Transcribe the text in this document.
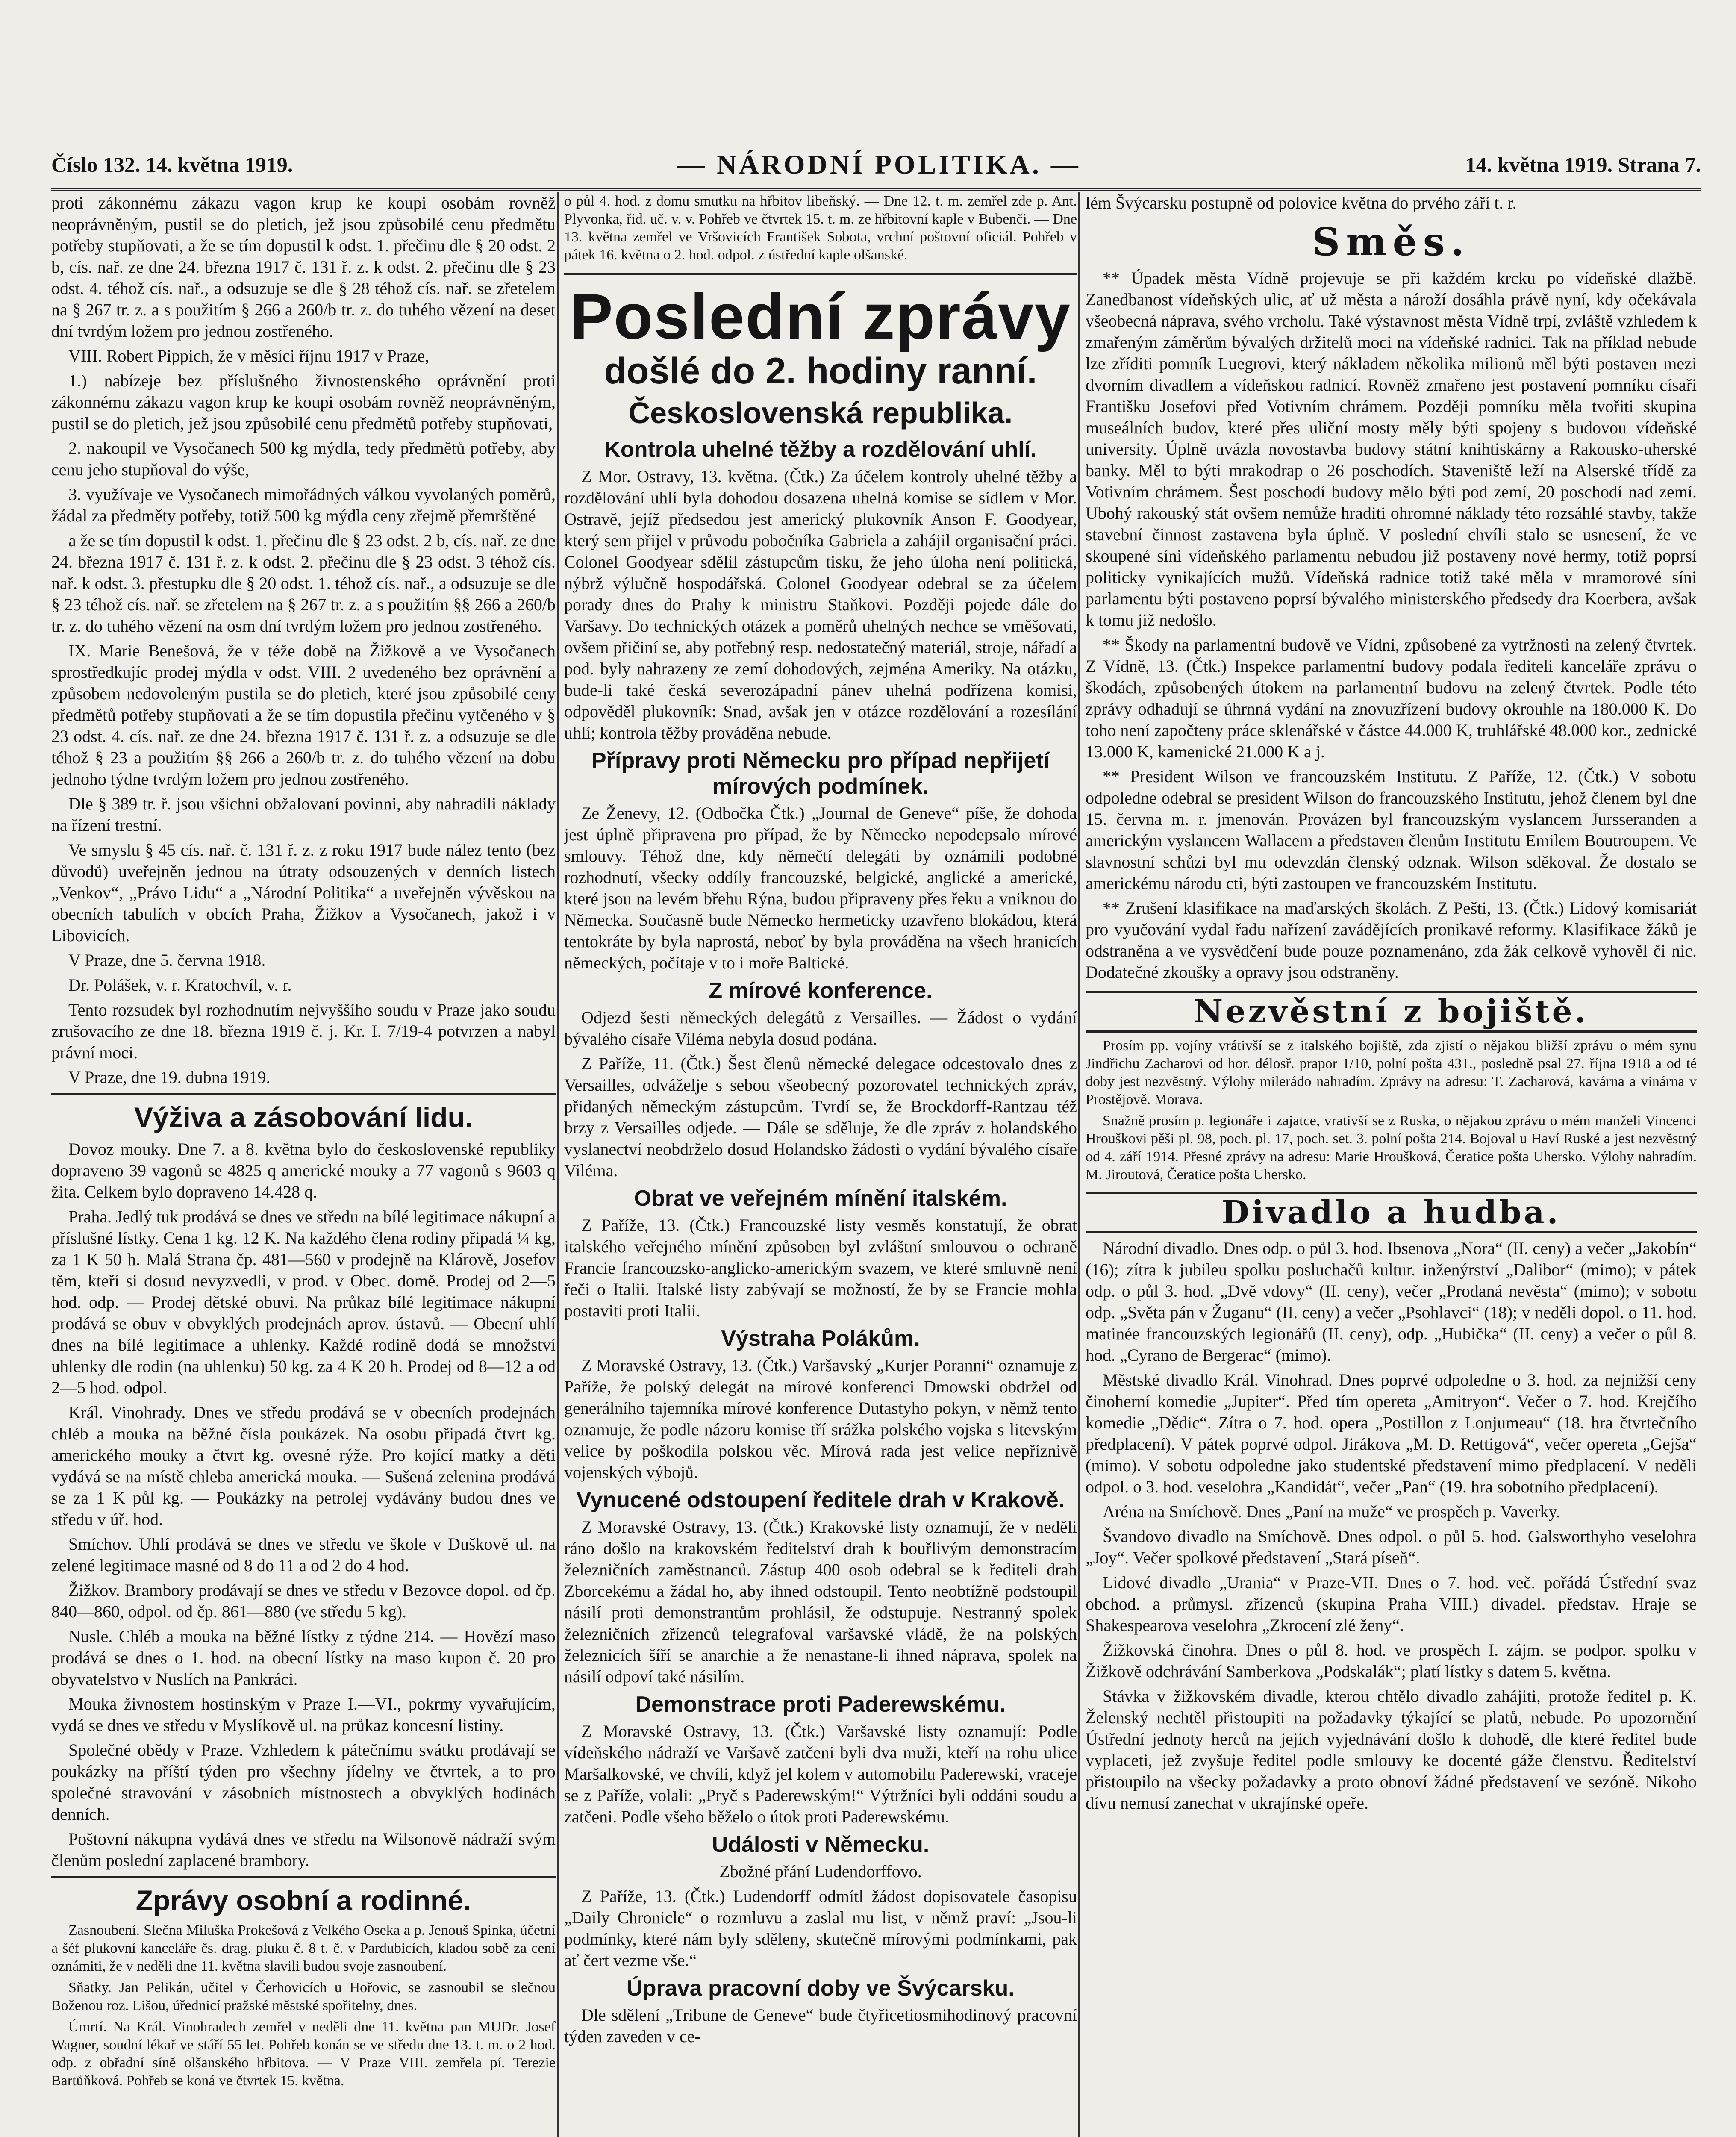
Číslo 132. 14. května 1919.	— NÁRODNÍ POLITIKA. —	14. května 1919. Strana 7.

proti zákonnému zákazu vagon krup ke koupi osobám rovněž neoprávněným, pustil se do pletich, jež jsou způsobilé cenu předmětu potřeby stupňovati, a že se tím dopustil k odst. 1. přečinu dle § 20 odst. 2 b, cís. nař. ze dne 24. března 1917 č. 131 ř. z. k odst. 2. přečinu dle § 23 odst. 4. téhož cís. nař., a odsuzuje se dle § 28 téhož cís. nař. se zřetelem na § 267 tr. z. a s použitím § 266 a 260/b tr. z. do tuhého vězení na deset dní tvrdým ložem pro jednou zostřeného.

VIII. Robert Pippich, že v měsíci říjnu 1917 v Praze,

1.) nabízeje bez příslušného živnostenského oprávnění proti zákonnému zákazu vagon krup ke koupi osobám rovněž neoprávněným, pustil se do pletich, jež jsou způsobilé cenu předmětů potřeby stupňovati,

2. nakoupil ve Vysočanech 500 kg mýdla, tedy předmětů potřeby, aby cenu jeho stupňoval do výše,

3. využívaje ve Vysočanech mimořádných válkou vyvolaných poměrů, žádal za předměty potřeby, totiž 500 kg mýdla ceny zřejmě přemrštěné

a že se tím dopustil k odst. 1. přečinu dle § 23 odst. 2 b, cís. nař. ze dne 24. března 1917 č. 131 ř. z. k odst. 2. přečinu dle § 23 odst. 3 téhož cís. nař. k odst. 3. přestupku dle § 20 odst. 1. téhož cís. nař., a odsuzuje se dle § 23 téhož cís. nař. se zřetelem na § 267 tr. z. a s použitím §§ 266 a 260/b tr. z. do tuhého vězení na osm dní tvrdým ložem pro jednou zostřeného.

IX. Marie Benešová, že v téže době na Žižkově a ve Vysočanech sprostředkujíc prodej mýdla v odst. VIII. 2 uvedeného bez oprávnění a způsobem nedovoleným pustila se do pletich, které jsou způsobilé ceny předmětů potřeby stupňovati a že se tím dopustila přečinu vytčeného v § 23 odst. 4. cís. nař. ze dne 24. března 1917 č. 131 ř. z. a odsuzuje se dle téhož § 23 a použitím §§ 266 a 260/b tr. z. do tuhého vězení na dobu jednoho týdne tvrdým ložem pro jednou zostřeného.

Dle § 389 tr. ř. jsou všichni obžalovaní povinni, aby nahradili náklady na řízení trestní.

Ve smyslu § 45 cís. nař. č. 131 ř. z. z roku 1917 bude nález tento (bez důvodů) uveřejněn jednou na útraty odsouzených v denních listech „Venkov“, „Právo Lidu“ a „Národní Politika“ a uveřejněn vývěskou na obecních tabulích v obcích Praha, Žižkov a Vysočanech, jakož i v Libovicích.

V Praze, dne 5. června 1918.

Dr. Polášek, v. r. Kratochvíl, v. r.

Tento rozsudek byl rozhodnutím nejvyššího soudu v Praze jako soudu zrušovacího ze dne 18. března 1919 č. j. Kr. I. 7/19-4 potvrzen a nabyl právní moci.

V Praze, dne 19. dubna 1919.

Výživa a zásobování lidu.

Dovoz mouky. Dne 7. a 8. května bylo do československé republiky dopraveno 39 vagonů se 4825 q americké mouky a 77 vagonů s 9603 q žita. Celkem bylo dopraveno 14.428 q.

Praha. Jedlý tuk prodává se dnes ve středu na bílé legitimace nákupní a příslušné lístky. Cena 1 kg. 12 K. Na každého člena rodiny připadá ¼ kg, za 1 K 50 h. Malá Strana čp. 481—560 v prodejně na Klárově, Josefov těm, kteří si dosud nevyzvedli, v prod. v Obec. domě. Prodej od 2—5 hod. odp. — Prodej dětské obuvi. Na průkaz bílé legitimace nákupní prodává se obuv v obvyklých prodejnách aprov. ústavů. — Obecní uhlí dnes na bílé legitimace a uhlenky. Každé rodině dodá se množství uhlenky dle rodin (na uhlenku) 50 kg. za 4 K 20 h. Prodej od 8—12 a od 2—5 hod. odpol.

Král. Vinohrady. Dnes ve středu prodává se v obecních prodejnách chléb a mouka na běžné čísla poukázek. Na osobu připadá čtvrt kg. amerického mouky a čtvrt kg. ovesné rýže. Pro kojící matky a děti vydává se na místě chleba americká mouka. — Sušená zelenina prodává se za 1 K půl kg. — Poukázky na petrolej vydávány budou dnes ve středu v úř. hod.

Smíchov. Uhlí prodává se dnes ve středu ve škole v Duškově ul. na zelené legitimace masné od 8 do 11 a od 2 do 4 hod.

Žižkov. Brambory prodávají se dnes ve středu v Bezovce dopol. od čp. 840—860, odpol. od čp. 861—880 (ve středu 5 kg).

Nusle. Chléb a mouka na běžné lístky z týdne 214. — Hovězí maso prodává se dnes o 1. hod. na obecní lístky na maso kupon č. 20 pro obyvatelstvo v Nuslích na Pankráci.

Mouka živnostem hostinským v Praze I.—VI., pokrmy vyvařujícím, vydá se dnes ve středu v Myslíkově ul. na průkaz koncesní listiny.

Společné obědy v Praze. Vzhledem k pátečnímu svátku prodávají se poukázky na příští týden pro všechny jídelny ve čtvrtek, a to pro společné stravování v zásobních místnostech a obvyklých hodinách denních.

Poštovní nákupna vydává dnes ve středu na Wilsonově nádraží svým členům poslední zaplacené brambory.

Zprávy osobní a rodinné.

Zasnoubení. Slečna Miluška Prokešová z Velkého Oseka a p. Jenouš Spinka, účetní a šéf plukovní kanceláře čs. drag. pluku č. 8 t. č. v Pardubicích, kladou sobě za cení oznámiti, že v neděli dne 11. května slavili budou svoje zasnoubení.

Sňatky. Jan Pelikán, učitel v Čerhovicích u Hořovic, se zasnoubil se slečnou Boženou roz. Lišou, úřednicí pražské městské spořitelny, dnes.

Úmrtí. Na Král. Vinohradech zemřel v neděli dne 11. května pan MUDr. Josef Wagner, soudní lékař ve stáří 55 let. Pohřeb konán se ve středu dne 13. t. m. o 2 hod. odp. z obřadní síně olšanského hřbitova. — V Praze VIII. zemřela pí. Terezie Bartůňková. Pohřeb se koná ve čtvrtek 15. května.

o půl 4. hod. z domu smutku na hřbitov libeňský. — Dne 12. t. m. zemřel zde p. Ant. Plyvonka, řid. uč. v. v. Pohřeb ve čtvrtek 15. t. m. ze hřbitovní kaple v Bubenči. — Dne 13. května zemřel ve Vršovicích František Sobota, vrchní poštovní oficiál. Pohřeb v pátek 16. května o 2. hod. odpol. z ústřední kaple olšanské.

Poslední zprávy
došlé do 2. hodiny ranní.
Československá republika.
Kontrola uhelné těžby a rozdělování uhlí.

Z Mor. Ostravy, 13. května. (Čtk.) Za účelem kontroly uhelné těžby a rozdělování uhlí byla dohodou dosazena uhelná komise se sídlem v Mor. Ostravě, jejíž předsedou jest americký plukovník Anson F. Goodyear, který sem přijel v průvodu pobočníka Gabriela a zahájil organisační práci. Colonel Goodyear sdělil zástupcům tisku, že jeho úloha není politická, nýbrž výlučně hospodářská. Colonel Goodyear odebral se za účelem porady dnes do Prahy k ministru Staňkovi. Později pojede dále do Varšavy. Do technických otázek a poměrů uhelných nechce se vměšovati, ovšem přičiní se, aby potřebný resp. nedostatečný materiál, stroje, nářadí a pod. byly nahrazeny ze zemí dohodových, zejména Ameriky. Na otázku, bude-li také česká severozápadní pánev uhelná podřízena komisi, odpověděl plukovník: Snad, avšak jen v otázce rozdělování a rozesílání uhlí; kontrola těžby prováděna nebude.

Přípravy proti Německu pro případ nepřijetí mírových podmínek.

Ze Ženevy, 12. (Odbočka Čtk.) „Journal de Geneve“ píše, že dohoda jest úplně připravena pro případ, že by Německo nepodepsalo mírové smlouvy. Téhož dne, kdy němečtí delegáti by oznámili podobné rozhodnutí, všecky oddíly francouzské, belgické, anglické a americké, které jsou na levém břehu Rýna, budou připraveny přes řeku a vniknou do Německa. Současně bude Německo hermeticky uzavřeno blokádou, která tentokráte by byla naprostá, neboť by byla prováděna na všech hranicích německých, počítaje v to i moře Baltické.

Z mírové konference.

Odjezd šesti německých delegátů z Versailles. — Žádost o vydání bývalého císaře Viléma nebyla dosud podána.

Z Paříže, 11. (Čtk.) Šest členů německé delegace odcestovalo dnes z Versailles, odváželje s sebou všeobecný pozorovatel technických zpráv, přidaných německým zástupcům. Tvrdí se, že Brockdorff-Rantzau též brzy z Versailles odjede. — Dále se sděluje, že dle zpráv z holandského vyslanectví neobdrželo dosud Holandsko žádosti o vydání bývalého císaře Viléma.

Obrat ve veřejném mínění italském.

Z Paříže, 13. (Čtk.) Francouzské listy vesměs konstatují, že obrat italského veřejného mínění způsoben byl zvláštní smlouvou o ochraně Francie francouzsko-anglicko-americkým svazem, ve které smluvně není řeči o Italii. Italské listy zabývají se možností, že by se Francie mohla postaviti proti Italii.

Výstraha Polákům.

Z Moravské Ostravy, 13. (Čtk.) Varšavský „Kurjer Poranni“ oznamuje z Paříže, že polský delegát na mírové konferenci Dmowski obdržel od generálního tajemníka mírové konference Dutastyho pokyn, v němž tento oznamuje, že podle názoru komise tří srážka polského vojska s litevským velice by poškodila polskou věc. Mírová rada jest velice nepříznivě vojenských výbojů.

Vynucené odstoupení ředitele drah v Krakově.

Z Moravské Ostravy, 13. (Čtk.) Krakovské listy oznamují, že v neděli ráno došlo na krakovském ředitelství drah k bouřlivým demonstracím železničních zaměstnanců. Zástup 400 osob odebral se k řediteli drah Zborcekému a žádal ho, aby ihned odstoupil. Tento neobtížně podstoupil násilí proti demonstrantům prohlásil, že odstupuje. Nestranný spolek železničních zřízenců telegrafoval varšavské vládě, že na polských železnicích šíří se anarchie a že nenastane-li ihned náprava, spolek na násilí odpoví také násilím.

Demonstrace proti Paderewskému.

Z Moravské Ostravy, 13. (Čtk.) Varšavské listy oznamují: Podle vídeňského nádraží ve Varšavě zatčeni byli dva muži, kteří na rohu ulice Maršalkovské, ve chvíli, když jel kolem v automobilu Paderewski, vraceje se z Paříže, volali: „Pryč s Paderewským!“ Výtržníci byli oddáni soudu a zatčeni. Podle všeho běželo o útok proti Paderewskému.

Události v Německu.

Zbožné přání Ludendorffovo.

Z Paříže, 13. (Čtk.) Ludendorff odmítl žádost dopisovatele časopisu „Daily Chronicle“ o rozmluvu a zaslal mu list, v němž praví: „Jsou-li podmínky, které nám byly sděleny, skutečně mírovými podmínkami, pak ať čert vezme vše.“

Úprava pracovní doby ve Švýcarsku.

Dle sdělení „Tribune de Geneve“ bude čtyřicetiosmihodinový pracovní týden zaveden v ce-

lém Švýcarsku postupně od polovice května do prvého září t. r.

Směs.

** Úpadek města Vídně projevuje se při každém krcku po vídeňské dlažbě. Zanedbanost vídeňských ulic, ať už města a nároží dosáhla právě nyní, kdy očekávala všeobecná náprava, svého vrcholu. Také výstavnost města Vídně trpí, zvláště vzhledem k zmařeným záměrům bývalých držitelů moci na vídeňské radnici. Tak na příklad nebude lze zříditi pomník Luegrovi, který nákladem několika milionů měl býti postaven mezi dvorním divadlem a vídeňskou radnicí. Rovněž zmařeno jest postavení pomníku císaři Františku Josefovi před Votivním chrámem. Později pomníku měla tvořiti skupina museálních budov, které přes uliční mosty měly býti spojeny s budovou vídeňské university. Úplně uvázla novostavba budovy státní knihtiskárny a Rakousko-uherské banky. Měl to býti mrakodrap o 26 poschodích. Staveniště leží na Alserské třídě za Votivním chrámem. Šest poschodí budovy mělo býti pod zemí, 20 poschodí nad zemí. Ubohý rakouský stát ovšem nemůže hraditi ohromné náklady této rozsáhlé stavby, takže stavební činnost zastavena byla úplně. V poslední chvíli stalo se usnesení, že ve skoupené síni vídeňského parlamentu nebudou již postaveny nové hermy, totiž poprsí politicky vynikajících mužů. Vídeňská radnice totiž také měla v mramorové síni parlamentu býti postaveno poprsí bývalého ministerského předsedy dra Koerbera, avšak k tomu již nedošlo.

** Škody na parlamentní budově ve Vídni, způsobené za vytržnosti na zelený čtvrtek. Z Vídně, 13. (Čtk.) Inspekce parlamentní budovy podala řediteli kanceláře zprávu o škodách, způsobených útokem na parlamentní budovu na zelený čtvrtek. Podle této zprávy odhadují se úhrnná vydání na znovuzřízení budovy okrouhle na 180.000 K. Do toho není započteny práce sklenářské v částce 44.000 K, truhlářské 48.000 kor., zednické 13.000 K, kamenické 21.000 K a j.

** President Wilson ve francouzském Institutu. Z Paříže, 12. (Čtk.) V sobotu odpoledne odebral se president Wilson do francouzského Institutu, jehož členem byl dne 15. června m. r. jmenován. Provázen byl francouzským vyslancem Jursseranden a americkým vyslancem Wallacem a představen členům Institutu Emilem Boutroupem. Ve slavnostní schůzi byl mu odevzdán členský odznak. Wilson sděkoval. Že dostalo se americkému národu cti, býti zastoupen ve francouzském Institutu.

** Zrušení klasifikace na maďarských školách. Z Pešti, 13. (Čtk.) Lidový komisariát pro vyučování vydal řadu nařízení zavádějících pronikavé reformy. Klasifikace žáků je odstraněna a ve vysvědčení bude pouze poznamenáno, zda žák celkově vyhověl či nic. Dodatečné zkoušky a opravy jsou odstraněny.

Nezvěstní z bojiště.

Prosím pp. vojíny vrátivší se z italského bojiště, zda zjistí o nějakou bližší zprávu o mém synu Jindřichu Zacharovi od hor. délosř. prapor 1/10, polní pošta 431., posledně psal 27. října 1918 a od té doby jest nezvěstný. Výlohy milerádo nahradím. Zprávy na adresu: T. Zacharová, kavárna a vinárna v Prostějově. Morava.

Snažně prosím p. legionáře i zajatce, vrativší se z Ruska, o nějakou zprávu o mém manželi Vincenci Hrouškovi pěši pl. 98, poch. pl. 17, poch. set. 3. polní pošta 214. Bojoval u Haví Ruské a jest nezvěstný od 4. září 1914. Přesné zprávy na adresu: Marie Hroušková, Čeratice pošta Uhersko. Výlohy nahradím. M. Jiroutová, Čeratice pošta Uhersko.

Divadlo a hudba.

Národní divadlo. Dnes odp. o půl 3. hod. Ibsenova „Nora“ (II. ceny) a večer „Jakobín“ (16); zítra k jubileu spolku posluchačů kultur. inženýrství „Dalibor“ (mimo); v pátek odp. o půl 3. hod. „Dvě vdovy“ (II. ceny), večer „Prodaná nevěsta“ (mimo); v sobotu odp. „Světa pán v Žuganu“ (II. ceny) a večer „Psohlavci“ (18); v neděli dopol. o 11. hod. matinée francouzských legionářů (II. ceny), odp. „Hubička“ (II. ceny) a večer o půl 8. hod. „Cyrano de Bergerac“ (mimo).

Městské divadlo Král. Vinohrad. Dnes poprvé odpoledne o 3. hod. za nejnižší ceny činoherní komedie „Jupiter“. Před tím opereta „Amitryon“. Večer o 7. hod. Krejčího komedie „Dědic“. Zítra o 7. hod. opera „Postillon z Lonjumeau“ (18. hra čtvrtečního předplacení). V pátek poprvé odpol. Jirákova „M. D. Rettigová“, večer opereta „Gejša“ (mimo). V sobotu odpoledne jako studentské představení mimo předplacení. V neděli odpol. o 3. hod. veselohra „Kandidát“, večer „Pan“ (19. hra sobotního předplacení).

Aréna na Smíchově. Dnes „Paní na muže“ ve prospěch p. Vaverky.

Švandovo divadlo na Smíchově. Dnes odpol. o půl 5. hod. Galsworthyho veselohra „Joy“. Večer spolkové představení „Stará píseň“.

Lidové divadlo „Urania“ v Praze-VII. Dnes o 7. hod. več. pořádá Ústřední svaz obchod. a průmysl. zřízenců (skupina Praha VIII.) divadel. představ. Hraje se Shakespearova veselohra „Zkrocení zlé ženy“.

Žižkovská činohra. Dnes o půl 8. hod. ve prospěch I. zájm. se podpor. spolku v Žižkově odchrávání Samberkova „Podskalák“; platí lístky s datem 5. května.

Stávka v žižkovském divadle, kterou chtělo divadlo zahájiti, protože ředitel p. K. Želenský nechtěl přistoupiti na požadavky týkající se platů, nebude. Po upozornění Ústřední jednoty herců na jejich vyjednávání došlo k dohodě, dle které ředitel bude vyplaceti, jež zvyšuje ředitel podle smlouvy ke docenté gáže členstvu. Ředitelství přistoupilo na všecky požadavky a proto obnoví žádné představení ve sezóně. Nikoho dívu nemusí zanechat v ukrajínské opeře.
